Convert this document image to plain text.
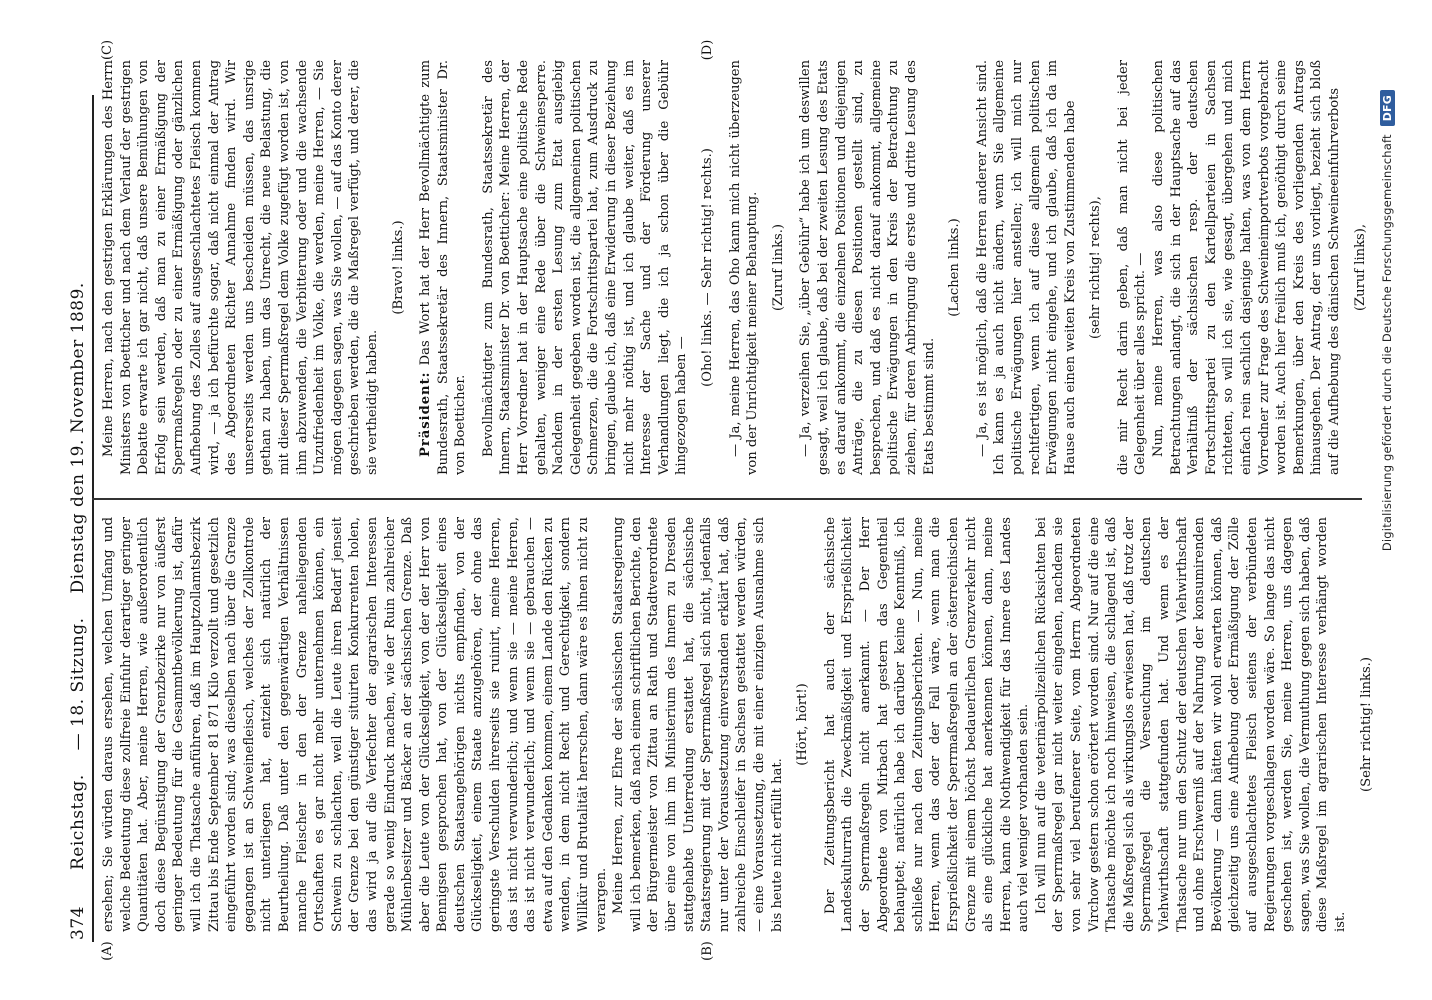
374
Reichstag. — 18. Sitzung. Dienstag den 19. November 1889.
(A)	(B)
(C)	(D)

ersehen; Sie würden daraus ersehen, welchen Umfang und welche Bedeutung diese zollfreie Einfuhr derartiger geringer Quantitäten hat. Aber, meine Herren, wie außerordentlich doch diese Begünstigung der Grenzbezirke nur von äußerst geringer Bedeutung für die Gesammtbevölkerung ist, dafür will ich die Thatsache anführen, daß im Hauptzollamtsbezirk Zittau bis Ende September 81 871 Kilo verzollt und gesetzlich eingeführt worden sind; was dieselben nach über die Grenze gegangen ist an Schweinefleisch, welches der Zollkontrole nicht unterliegen hat, entzieht sich natürlich der Beurtheilung. Daß unter den gegenwärtigen Verhältnissen manche Fleischer in den der Grenze naheliegenden Ortschaften es gar nicht mehr unternehmen können, ein Schwein zu schlachten, weil die Leute ihren Bedarf jenseit der Grenze bei den günstiger situirten Konkurrenten holen, das wird ja auf die Verfechter der agrarischen Interessen gerade so wenig Eindruck machen, wie der Ruin zahlreicher Mühlenbesitzer und Bäcker an der sächsischen Grenze. Daß aber die Leute von der Glückseligkeit, von der der Herr von Bennigsen gesprochen hat, von der Glückseligkeit eines deutschen Staatsangehörigen nichts empfinden, von der Glückseligkeit, einem Staate anzugehören, der ohne das geringste Verschulden ihrerseits sie ruinirt, meine Herren, das ist nicht verwunderlich; und wenn sie — meine Herren, das ist nicht verwunderlich; und wenn sie — gebrauchen — etwa auf den Gedanken kommen, einem Lande den Rücken zu wenden, in dem nicht Recht und Gerechtigkeit, sondern Willkür und Brutalität herrschen, dann wäre es ihnen nicht zu verargen. Meine Herren, zur Ehre der sächsischen Staatsregierung will ich bemerken, daß nach einem schriftlichen Berichte, den der Bürgermeister von Zittau an Rath und Stadtverordnete über eine von ihm im Ministerium des Innern zu Dresden stattgehabte Unterredung erstattet hat, die sächsische Staatsregierung mit der Sperrmaßregel sich nicht, jedenfalls nur unter der Voraussetzung einverstanden erklärt hat, daß zahlreiche Einschleifer in Sachsen gestattet werden würden, — eine Voraussetzung, die mit einer einzigen Ausnahme sich bis heute nicht erfüllt hat.

(Hört, hört!) Der Zeitungsbericht hat auch der sächsische Landeskulturrath die Zweckmäßigkeit und Ersprießlichkeit der Sperrmaßregeln nicht anerkannt. — Der Herr Abgeordnete von Mirbach hat gestern das Gegentheil behauptet; natürlich habe ich darüber keine Kenntniß, ich schließe nur nach den Zeitungsberichten. — Nun, meine Herren, wenn das oder der Fall wäre, wenn man die Ersprießlichkeit der Sperrmaßregeln an der österreichischen Grenze mit einem höchst bedauerlichen Grenzverkehr nicht als eine glückliche hat anerkennen können, dann, meine Herren, kann die Nothwendigkeit für das Innere des Landes auch viel weniger vorhanden sein. Ich will nun auf die veterinärpolizeilichen Rücksichten bei der Sperrmaßregel gar nicht weiter eingehen, nachdem sie von sehr viel berufenerer Seite, vom Herrn Abgeordneten Virchow gestern schon erörtert worden sind. Nur auf die eine Thatsache möchte ich noch hinweisen, die schlagend ist, daß die Maßregel sich als wirkungslos erwiesen hat, daß trotz der Sperrmaßregel die Verseuchung im deutschen Viehwirthschaft stattgefunden hat. Und wenn es der Thatsache nur um den Schutz der deutschen Viehwirthschaft und ohne Erschwerniß auf der Nahrung der konsumirenden Bevölkerung — dann hätten wir wohl erwarten können, daß gleichzeitig uns eine Aufhebung oder Ermäßigung der Zölle auf ausgeschlachtetes Fleisch seitens der verbündeten Regierungen vorgeschlagen worden wäre. So lange das nicht geschehen ist, werden Sie, meine Herren, uns dagegen sagen, was Sie wollen, die Vermuthung gegen sich haben, daß diese Maßregel im agrarischen Interesse verhängt worden ist.

(Sehr richtig! links.)

Meine Herren, nach den gestrigen Erklärungen des Herrn Ministers von Boetticher und nach dem Verlauf der gestrigen Debatte erwarte ich gar nicht, daß unsere Bemühungen von Erfolg sein werden, daß man zu einer Ermäßigung der Sperrmaßregeln oder zu einer Ermäßigung oder gänzlichen Aufhebung des Zolles auf ausgeschlachtetes Fleisch kommen wird, — ja ich befürchte sogar, daß nicht einmal der Antrag des Abgeordneten Richter Annahme finden wird. Wir unsererseits werden uns bescheiden müssen, das unsrige gethan zu haben, um das Unrecht, die neue Belastung, die mit dieser Sperrmaßregel dem Volke zugefügt worden ist, von ihm abzuwenden, die Verbitterung oder und die wachsende Unzufriedenheit im Volke, die werden, meine Herren, — Sie mögen dagegen sagen, was Sie wollen, — auf das Konto derer geschrieben werden, die die Maßregel verfügt, und derer, die sie vertheidigt haben.

(Bravo! links.)

Präsident: Das Wort hat der Herr Bevollmächtigte zum Bundesrath, Staatssekretär des Innern, Staatsminister Dr. von Boetticher. Bevollmächtigter zum Bundesrath, Staatssekretär des Innern, Staatsminister Dr. von Boetticher: Meine Herren, der Herr Vorredner hat in der Hauptsache eine politische Rede gehalten, weniger eine Rede über die Schweinesperre. Nachdem in der ersten Lesung zum Etat ausgiebig Gelegenheit gegeben worden ist, die allgemeinen politischen Schmerzen, die die Fortschrittspartei hat, zum Ausdruck zu bringen, glaube ich, daß eine Erwiderung in dieser Beziehung nicht mehr nöthig ist, und ich glaube weiter, daß es im Interesse der Sache und der Förderung unserer Verhandlungen liegt, die ich ja schon über die Gebühr hingezogen haben —

(Oho! links. — Sehr richtig! rechts.) — Ja, meine Herren, das Oho kann mich nicht überzeugen von der Unrichtigkeit meiner Behauptung. (Zuruf links.) — Ja, verzeihen Sie, „über Gebühr“ habe ich um deswillen gesagt, weil ich glaube, daß bei der zweiten Lesung des Etats es darauf ankommt, die einzelnen Positionen und diejenigen Anträge, die zu diesen Positionen gestellt sind, zu besprechen, und daß es nicht darauf ankommt, allgemeine politische Erwägungen in den Kreis der Betrachtung zu ziehen, für deren Anbringung die erste und dritte Lesung des Etats bestimmt sind.

(Lachen links.) — Ja, es ist möglich, daß die Herren anderer Ansicht sind. Ich kann es ja auch nicht ändern, wenn Sie allgemeine politische Erwägungen hier anstellen; ich will mich nur rechtfertigen, wenn ich auf diese allgemein politischen Erwägungen nicht eingehe, und ich glaube, daß ich da im Hause auch einen weiten Kreis von Zustimmenden habe (sehr richtig! rechts), die mir Recht darin geben, daß man nicht bei jeder Gelegenheit über alles spricht. — Nun, meine Herren, was also diese politischen Betrachtungen anlangt, die sich in der Hauptsache auf das Verhältniß der sächsischen resp. der deutschen Fortschrittspartei zu den Kartellparteien in Sachsen richteten, so will ich sie, wie gesagt, übergehen und mich einfach rein sachlich dasjenige halten, was von dem Herrn Vorredner zur Frage des Schweineimportverbots vorgebracht worden ist. Auch hier freilich muß ich, genöthigt durch seine Bemerkungen, über den Kreis des vorliegenden Antrags hinausgehen. Der Antrag, der uns vorliegt, bezieht sich bloß auf die Aufhebung des dänischen Schweineeinfuhrverbots (Zuruf links), Digitalisierung gefördert durch die Deutsche ForschungsgemeinschaftDFG
